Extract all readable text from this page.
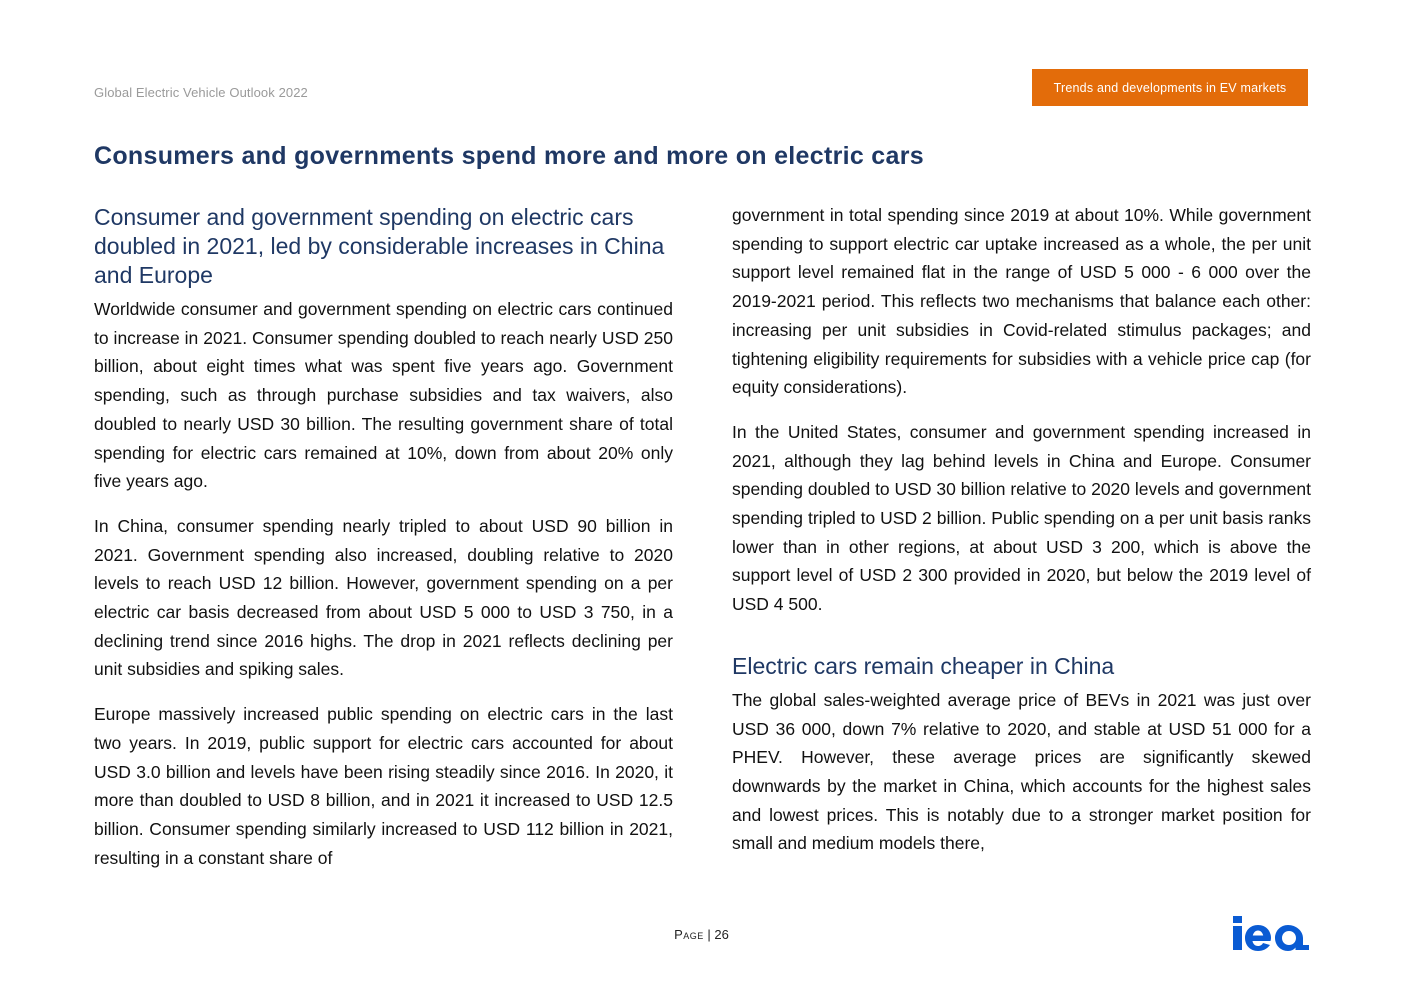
Global Electric Vehicle Outlook 2022	Trends and developments in EV markets
Consumers and governments spend more and more on electric cars
Consumer and government spending on electric cars doubled in 2021, led by considerable increases in China and Europe

Worldwide consumer and government spending on electric cars continued to increase in 2021. Consumer spending doubled to reach nearly USD 250 billion, about eight times what was spent five years ago. Government spending, such as through purchase subsidies and tax waivers, also doubled to nearly USD 30 billion. The resulting government share of total spending for electric cars remained at 10%, down from about 20% only five years ago.

In China, consumer spending nearly tripled to about USD 90 billion in 2021. Government spending also increased, doubling relative to 2020 levels to reach USD 12 billion. However, government spending on a per electric car basis decreased from about USD 5 000 to USD 3 750, in a declining trend since 2016 highs. The drop in 2021 reflects declining per unit subsidies and spiking sales.

Europe massively increased public spending on electric cars in the last two years. In 2019, public support for electric cars accounted for about USD 3.0 billion and levels have been rising steadily since 2016. In 2020, it more than doubled to USD 8 billion, and in 2021 it increased to USD 12.5 billion. Consumer spending similarly increased to USD 112 billion in 2021, resulting in a constant share of

government in total spending since 2019 at about 10%. While government spending to support electric car uptake increased as a whole, the per unit support level remained flat in the range of USD 5 000 - 6 000 over the 2019-2021 period. This reflects two mechanisms that balance each other: increasing per unit subsidies in Covid-related stimulus packages; and tightening eligibility requirements for subsidies with a vehicle price cap (for equity considerations).

In the United States, consumer and government spending increased in 2021, although they lag behind levels in China and Europe. Consumer spending doubled to USD 30 billion relative to 2020 levels and government spending tripled to USD 2 billion. Public spending on a per unit basis ranks lower than in other regions, at about USD 3 200, which is above the support level of USD 2 300 provided in 2020, but below the 2019 level of USD 4 500.

Electric cars remain cheaper in China

The global sales-weighted average price of BEVs in 2021 was just over USD 36 000, down 7% relative to 2020, and stable at USD 51 000 for a PHEV. However, these average prices are significantly skewed downwards by the market in China, which accounts for the highest sales and lowest prices. This is notably due to a stronger market position for small and medium models there,

Page | 26
